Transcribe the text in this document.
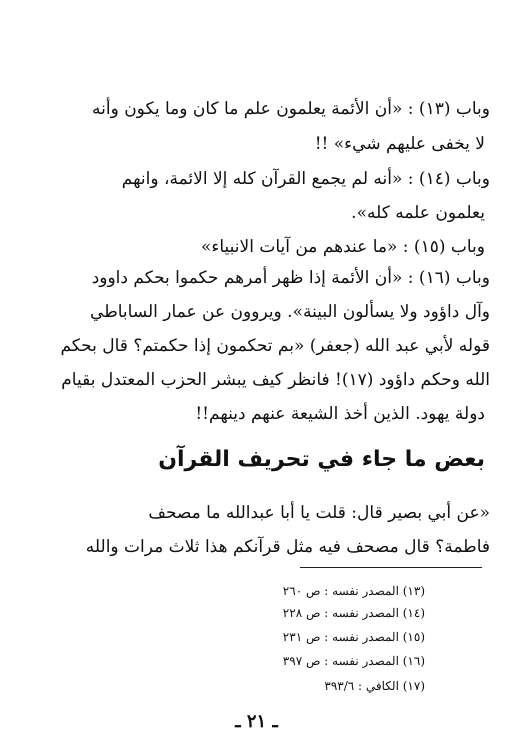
وباب (١٣) : «أن الأئمة يعلمون علم ما كان وما يكون وأنه
لا يخفى عليهم شيء» !!
وباب (١٤) : «أنه لم يجمع القرآن كله إلا الائمة، وانهم
يعلمون علمه كله».
وباب (١٥) : «ما عندهم من آيات الانبياء»
وباب (١٦) : «أن الأئمة إذا ظهر أمرهم حكموا بحكم داوود
وآل داؤود ولا يسألون البينة». ويروون عن عمار الساباطي
قوله لأبي عبد الله (جعفر) «بم تحكمون إذا حكمتم؟ قال بحكم
الله وحكم داؤود (١٧)! فانظر كيف يبشر الحزب المعتدل بقيام
دولة يهود. الذين أخذ الشيعة عنهم دينهم!!
بعض ما جاء في تحريف القرآن
«عن أبي بصير قال: قلت يا أبا عبدالله ما مصحف
فاطمة؟ قال مصحف فيه مثل قرآنكم هذا ثلاث مرات والله
(١٣) المصدر نفسه : ص ٢٦٠
(١٤) المصدر نفسه : ص ٢٢٨
(١٥) المصدر نفسه : ص ٢٣١
(١٦) المصدر نفسه : ص ٣٩٧
(١٧) الكافي : ٣٩٣/٦
ـ ٢١ ـ
